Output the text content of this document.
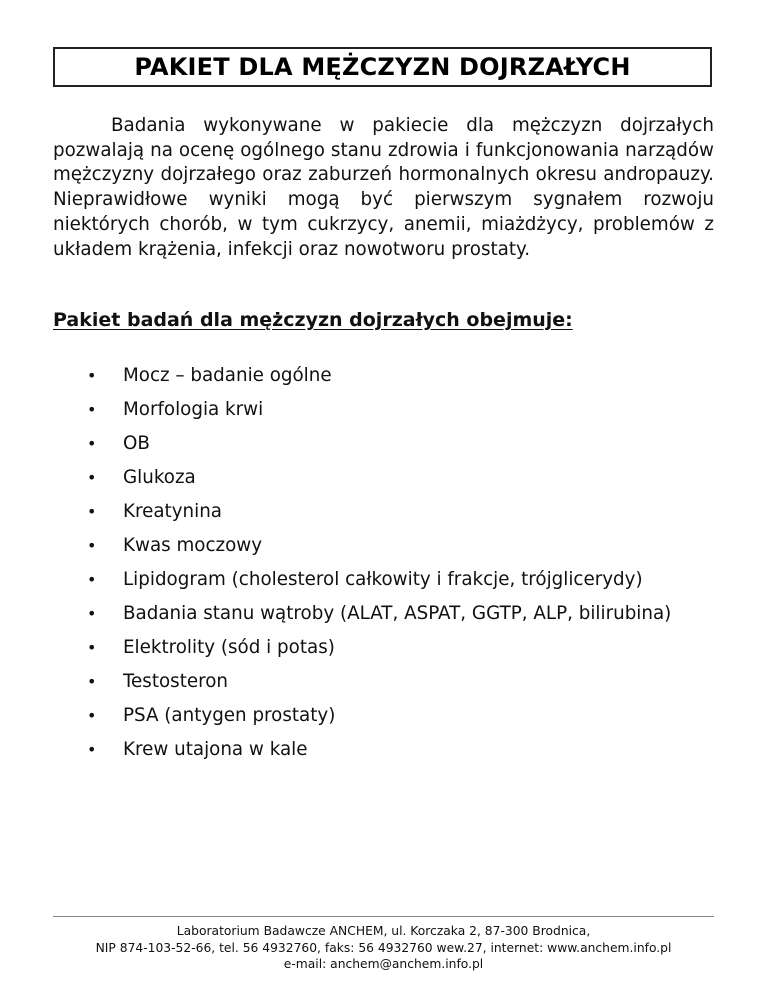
PAKIET DLA MĘŻCZYZN DOJRZAŁYCH

Badania wykonywane w pakiecie dla mężczyzn dojrzałych pozwalają na ocenę ogólnego stanu zdrowia i funkcjonowania narządów mężczyzny dojrzałego oraz zaburzeń hormonalnych okresu andropauzy. Nieprawidłowe wyniki mogą być pierwszym sygnałem rozwoju niektórych chorób, w tym cukrzycy, anemii, miażdżycy, problemów z układem krążenia, infekcji oraz nowotworu prostaty.

Pakiet badań dla mężczyzn dojrzałych obejmuje:
•	Mocz – badanie ogólne
•	Morfologia krwi
•	OB
•	Glukoza
•	Kreatynina
•	Kwas moczowy
•	Lipidogram (cholesterol całkowity i frakcje, trójglicerydy)
•	Badania stanu wątroby (ALAT, ASPAT, GGTP, ALP, bilirubina)
•	Elektrolity (sód i potas)
•	Testosteron
•	PSA (antygen prostaty)
•	Krew utajona w kale
Laboratorium Badawcze ANCHEM, ul. Korczaka 2, 87-300 Brodnica,
NIP 874-103-52-66, tel. 56 4932760, faks: 56 4932760 wew.27, internet: www.anchem.info.pl
e-mail: anchem@anchem.info.pl
